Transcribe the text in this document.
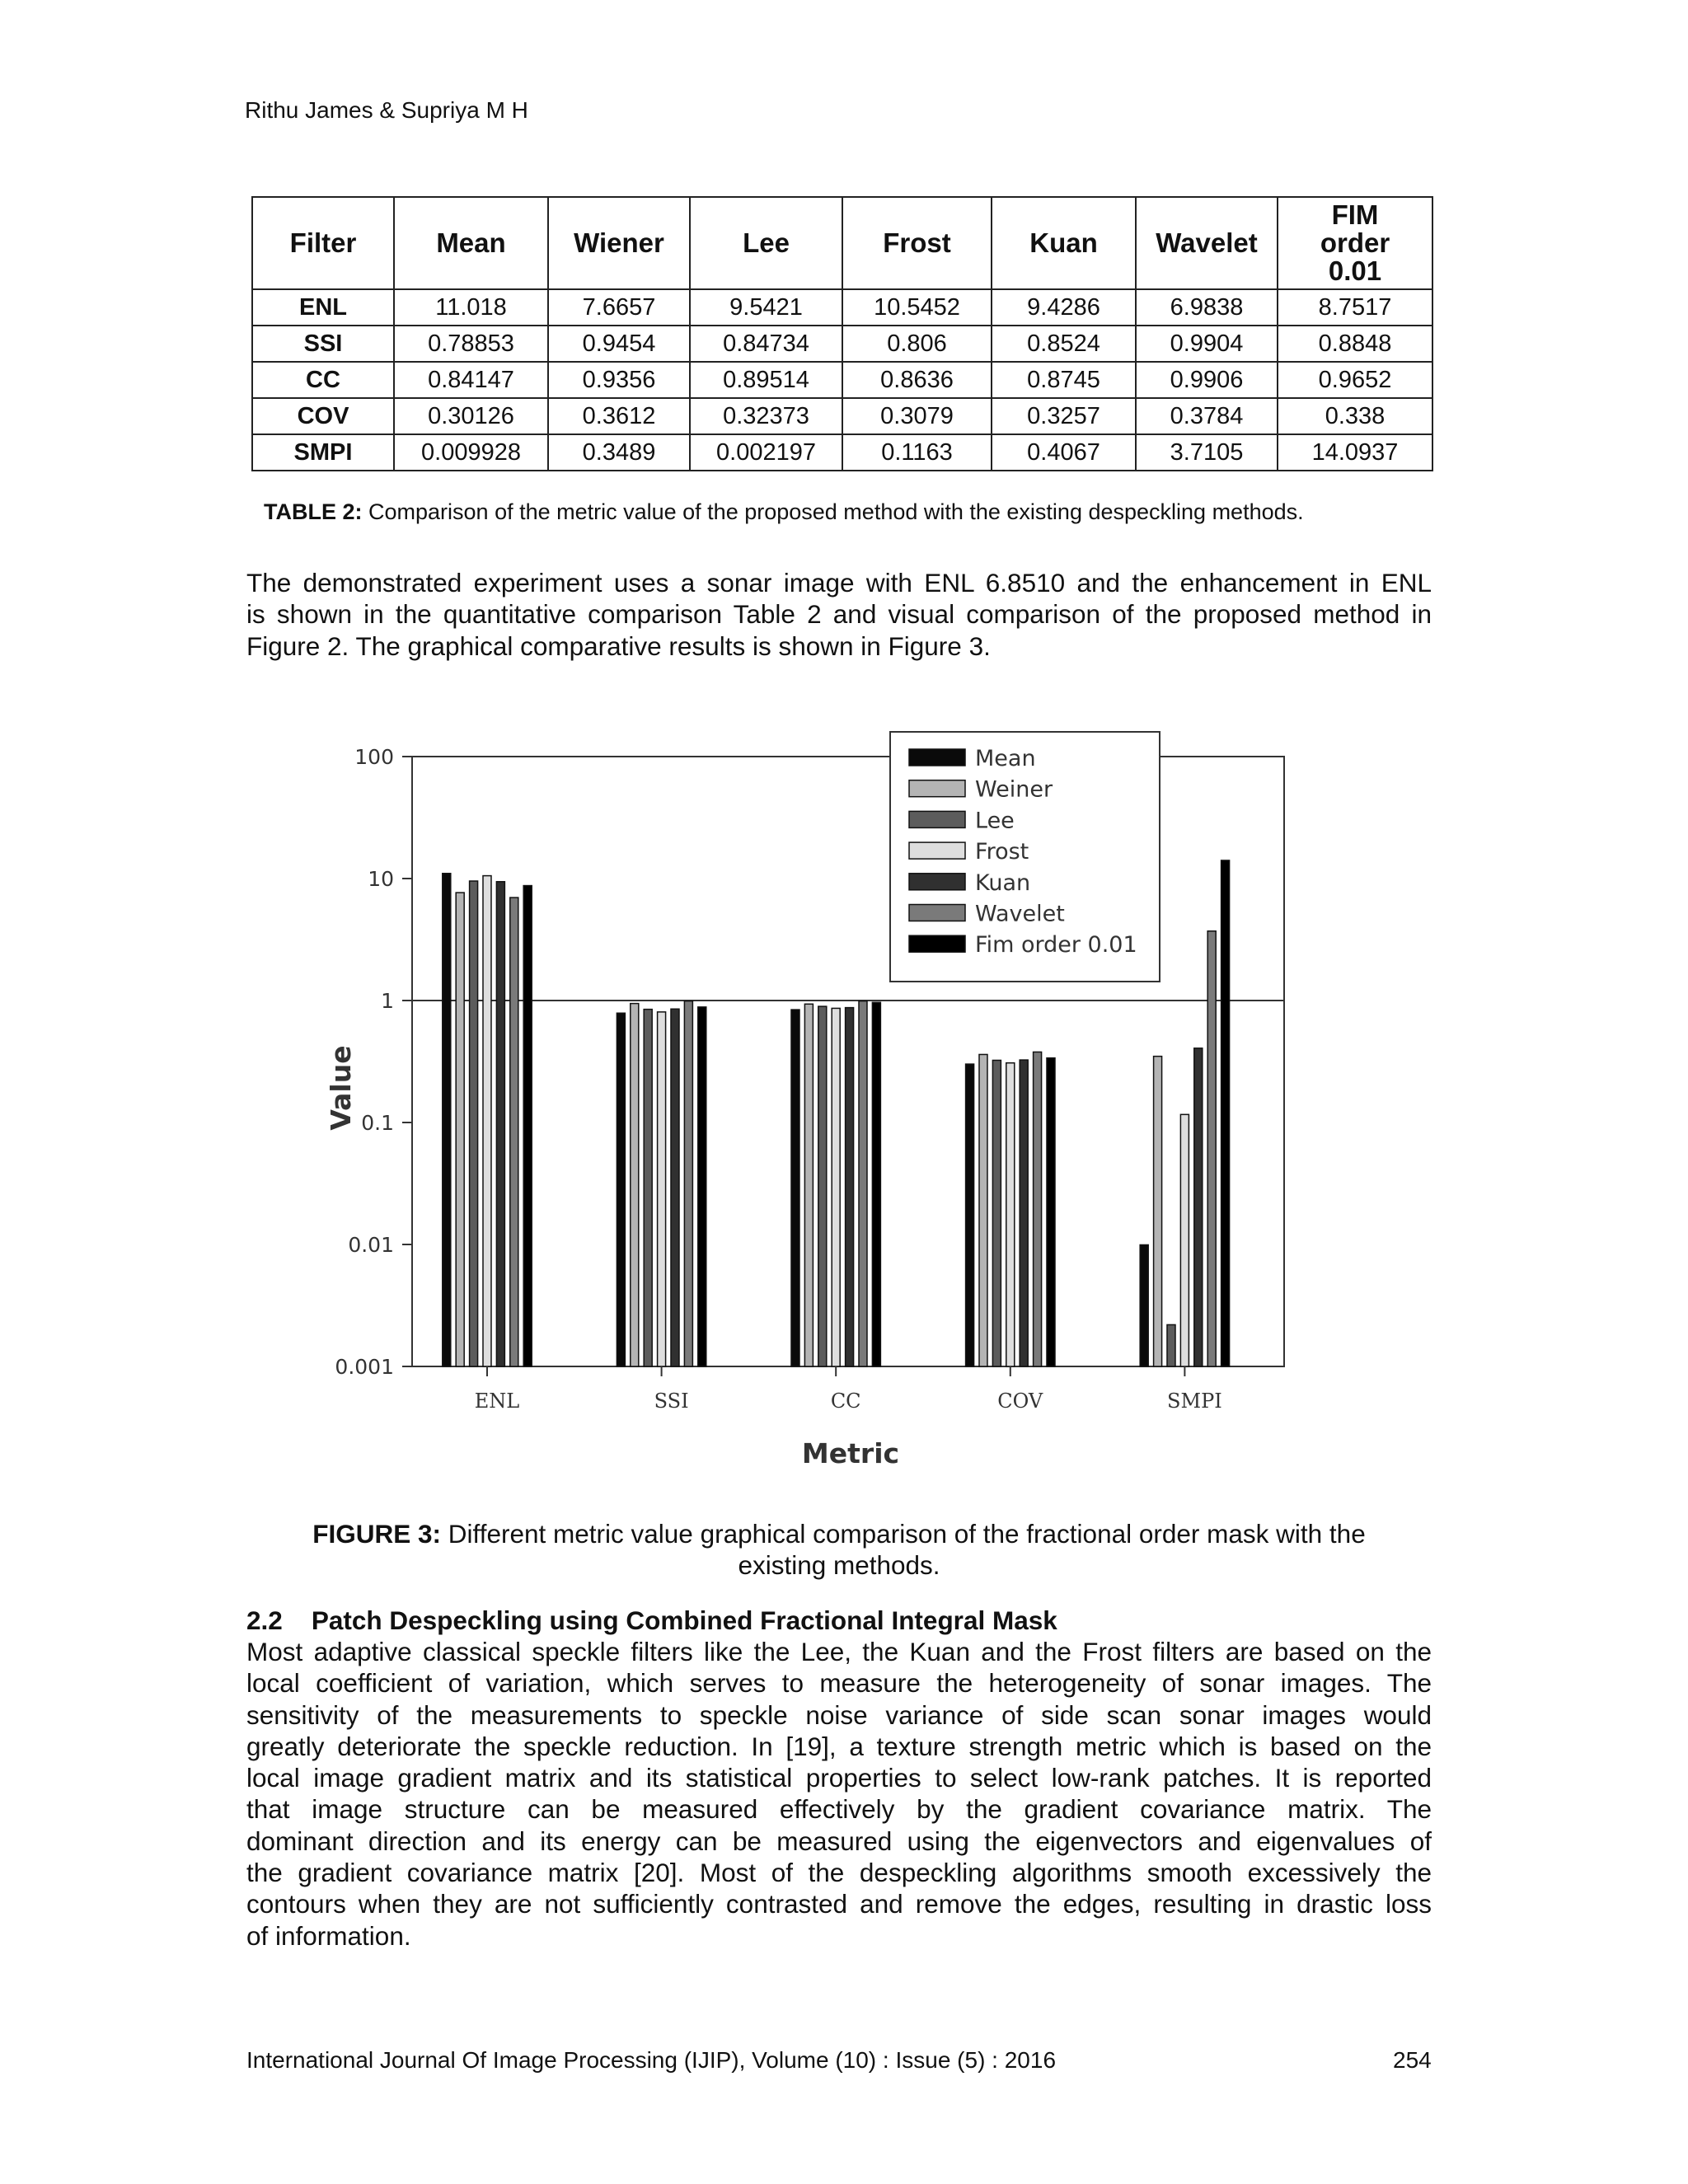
Rithu James & Supriya M H
Filter	Mean	Wiener	Lee	Frost	Kuan	Wavelet	FIM
order
0.01
ENL	11.018	7.6657	9.5421	10.5452	9.4286	6.9838	8.7517
SSI	0.78853	0.9454	0.84734	0.806	0.8524	0.9904	0.8848
CC	0.84147	0.9356	0.89514	0.8636	0.8745	0.9906	0.9652
COV	0.30126	0.3612	0.32373	0.3079	0.3257	0.3784	0.338
SMPI	0.009928	0.3489	0.002197	0.1163	0.4067	3.7105	14.0937
TABLE 2: Comparison of the metric value of the proposed method with the existing despeckling methods.
The demonstrated experiment uses a sonar image with ENL 6.8510 and the enhancement in ENL
is shown in the quantitative comparison Table 2 and visual comparison of the proposed method in
Figure 2. The graphical comparative results is shown in Figure 3.
100
10
1
0.1
0.01
0.001
ENL	SSI	CC	COV	SMPI
Value
Metric
Mean
Weiner
Lee
Frost
Kuan
Wavelet
Fim order 0.01
FIGURE 3: Different metric value graphical comparison of the fractional order mask with the
existing methods.
2.2 Patch Despeckling using Combined Fractional Integral Mask
Most adaptive classical speckle filters like the Lee, the Kuan and the Frost filters are based on the
local coefficient of variation, which serves to measure the heterogeneity of sonar images. The
sensitivity of the measurements to speckle noise variance of side scan sonar images would
greatly deteriorate the speckle reduction. In [19], a texture strength metric which is based on the
local image gradient matrix and its statistical properties to select low-rank patches. It is reported
that image structure can be measured effectively by the gradient covariance matrix. The
dominant direction and its energy can be measured using the eigenvectors and eigenvalues of
the gradient covariance matrix [20]. Most of the despeckling algorithms smooth excessively the
contours when they are not sufficiently contrasted and remove the edges, resulting in drastic loss
of information.
International Journal Of Image Processing (IJIP), Volume (10) : Issue (5) : 2016	254
